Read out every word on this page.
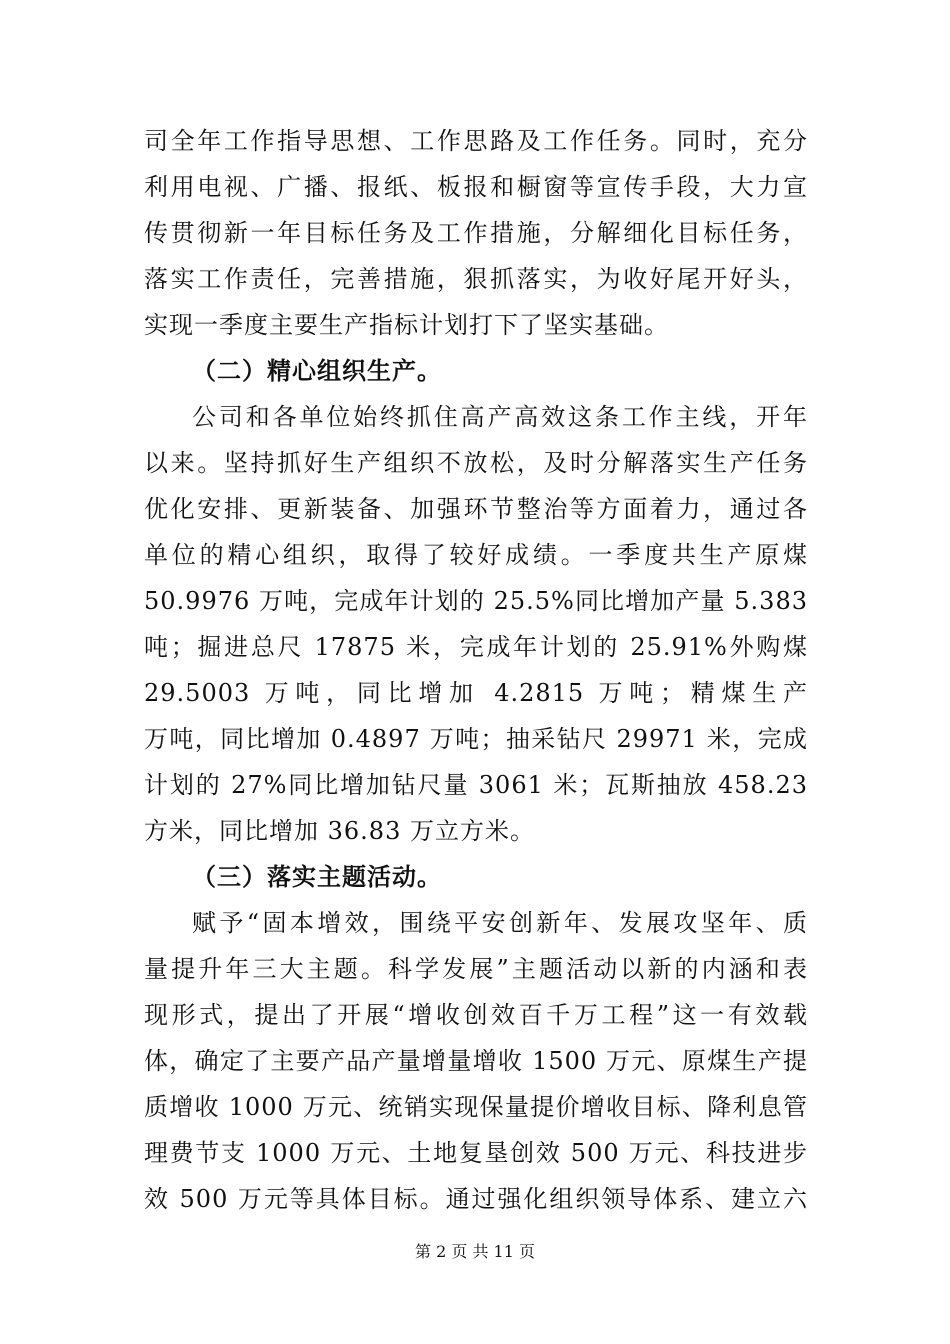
司全年工作指导思想、工作思路及工作任务。同时，充分
利用电视、广播、报纸、板报和橱窗等宣传手段，大力宣
传贯彻新一年目标任务及工作措施，分解细化目标任务，
落实工作责任，完善措施，狠抓落实，为收好尾开好头，
实现一季度主要生产指标计划打下了坚实基础。
（二）精心组织生产。
公司和各单位始终抓住高产高效这条工作主线，开年
以来。坚持抓好生产组织不放松，及时分解落实生产任务
优化安排、更新装备、加强环节整治等方面着力，通过各
单位的精心组织，取得了较好成绩。一季度共生产原煤
50.9976 万吨，完成年计划的 25.5%同比增加产量 5.383
吨；掘进总尺 17875 米，完成年计划的 25.91%外购煤
29.5003 万吨，同比增加 4.2815 万吨；精煤生产
万吨，同比增加 0.4897 万吨；抽采钻尺 29971 米，完成
计划的 27%同比增加钻尺量 3061 米；瓦斯抽放 458.23
方米，同比增加 36.83 万立方米。
（三）落实主题活动。
赋予“固本增效，围绕平安创新年、发展攻坚年、质
量提升年三大主题。科学发展”主题活动以新的内涵和表
现形式，提出了开展“增收创效百千万工程”这一有效载
体，确定了主要产品产量增量增收 1500 万元、原煤生产提
质增收 1000 万元、统销实现保量提价增收目标、降利息管
理费节支 1000 万元、土地复垦创效 500 万元、科技进步
效 500 万元等具体目标。通过强化组织领导体系、建立六
第 2 页 共 11 页
